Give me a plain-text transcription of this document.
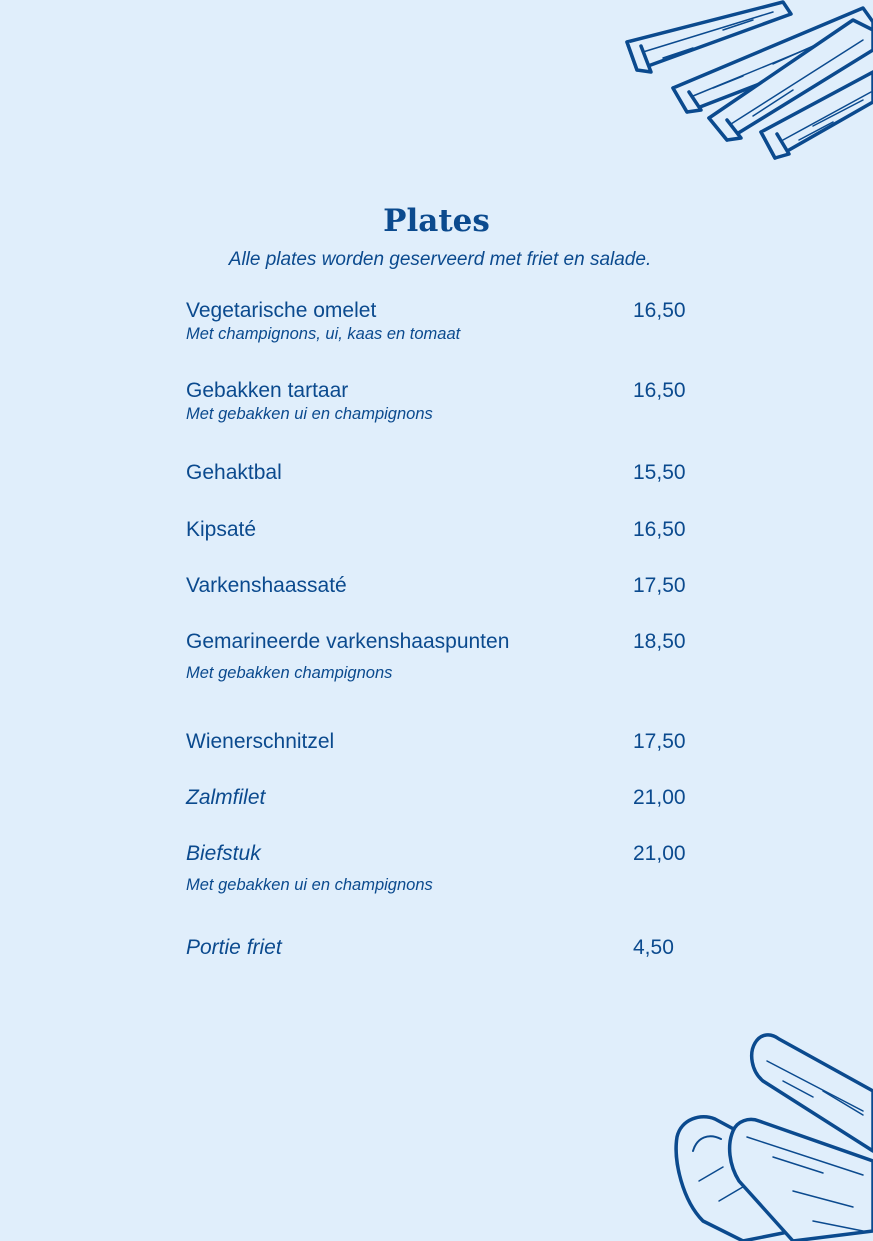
Plates
Alle plates worden geserveerd met friet en salade.
Vegetarische omelet	16,50
Met champignons, ui, kaas en tomaat
Gebakken tartaar	16,50
Met gebakken ui en champignons
Gehaktbal	15,50
Kipsaté	16,50
Varkenshaassaté	17,50
Gemarineerde varkenshaaspunten	18,50
Met gebakken champignons
Wienerschnitzel	17,50
Zalmfilet	21,00
Biefstuk	21,00
Met gebakken ui en champignons
Portie friet	4,50
